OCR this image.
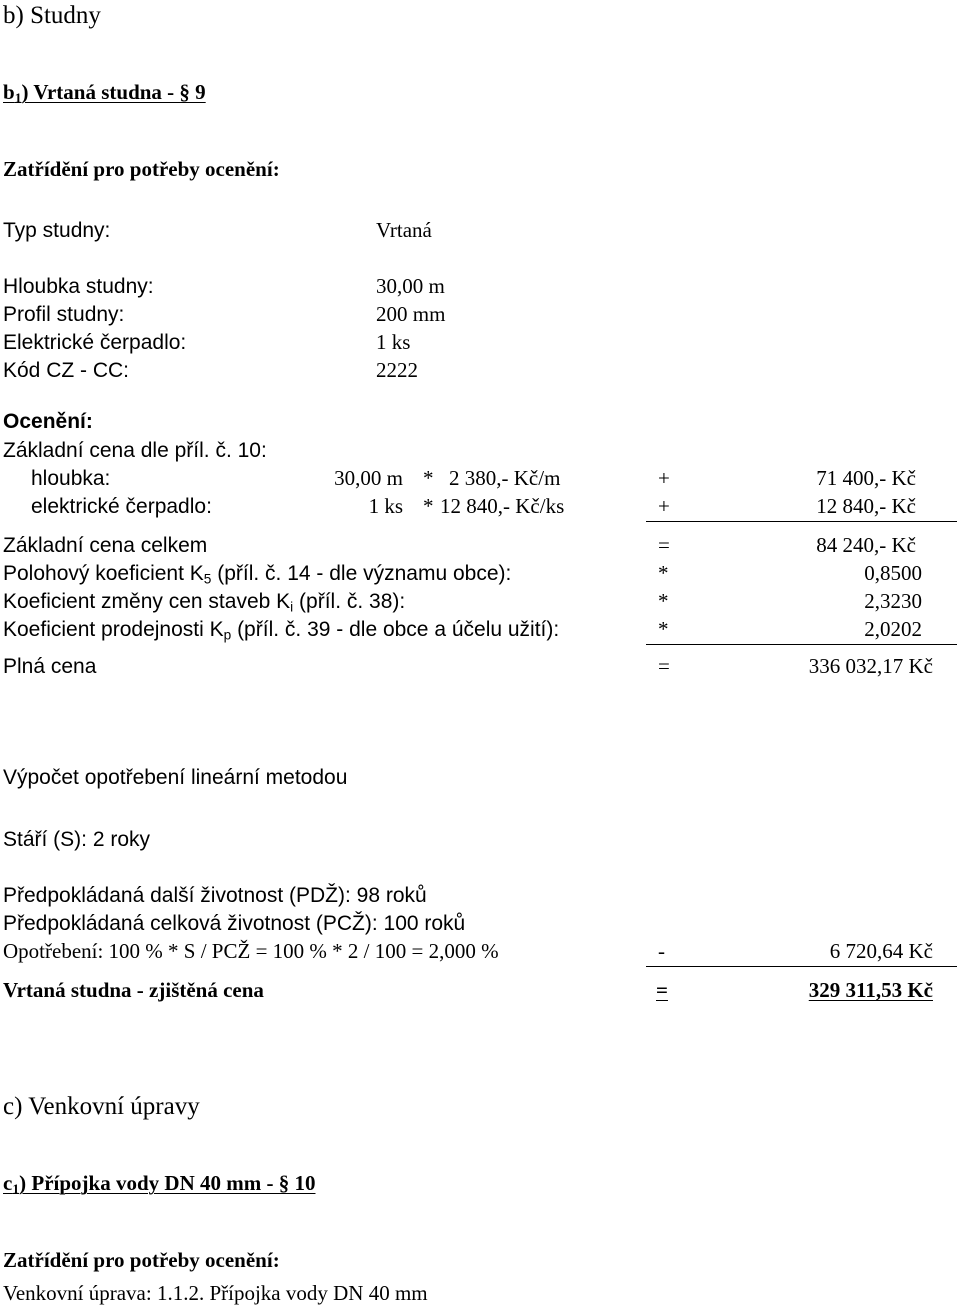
b) Studny
$b_1$) Vrtaná studna - § 9
Zatřídění pro potřeby ocenění:
Typ studny:	Vrtaná
Hloubka studny:	30,00 m
Profil studny:	200 mm
Elektrické čerpadlo:	1 ks
Kód CZ - CC:	2222
Ocenění:
Základní cena dle příl. č. 10:
hloubka:	30,00 m * 2 380,- Kč/m	+	71 400,- Kč
elektrické čerpadlo:	1 ks * 12 840,- Kč/ks	+	12 840,- Kč
Základní cena celkem	=	84 240,- Kč
Polohový koeficient $K_5$ (příl. č. 14 - dle významu obce):	*	0,8500
Koeficient změny cen staveb $K_i$ (příl. č. 38):	*	2,3230
Koeficient prodejnosti $K_p$ (příl. č. 39 - dle obce a účelu užití):	*	2,0202
Plná cena	=	336 032,17 Kč
Výpočet opotřebení lineární metodou
Stáří (S): 2 roky
Předpokládaná další životnost (PDŽ): 98 roků
Předpokládaná celková životnost (PCŽ): 100 roků
Opotřebení: 100 % * S / PCŽ = 100 % * 2 / 100 = 2,000 %	-	6 720,64 Kč
Vrtaná studna - zjištěná cena	=	329 311,53 Kč
c) Venkovní úpravy
$c_1$) Přípojka vody DN 40 mm - § 10
Zatřídění pro potřeby ocenění:
Venkovní úprava: 1.1.2. Přípojka vody DN 40 mm
